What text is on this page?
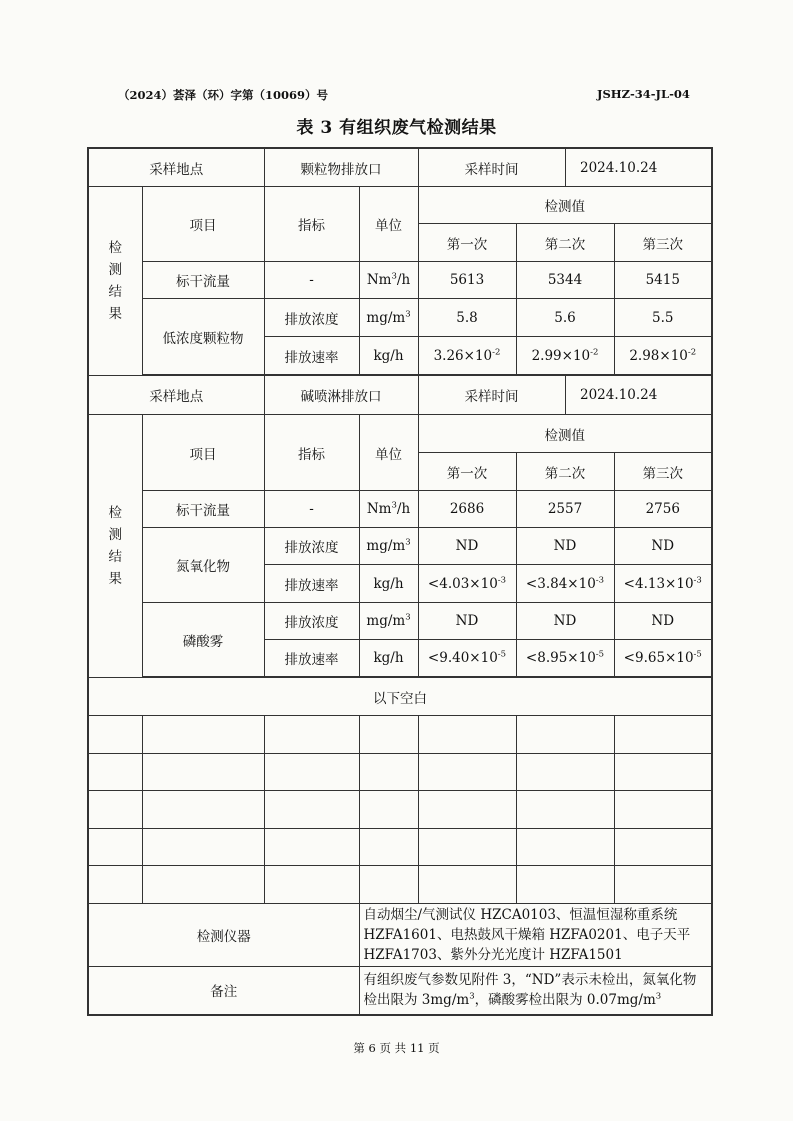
（2024）荟泽（环）字第（10069）号	JSHZ-34-JL-04
表 3 有组织废气检测结果
采样地点		颗粒物排放口		采样时间		2024.10.24
检测结果	项目	指标	单位	检测值		
				第一次	第二次	第三次
	标干流量	-	Nm$^3$/h	5613	5344	5415
	低浓度颗粒物	排放浓度	$mg/m^3$	5.8	5.6	5.5
		排放速率	kg/h	$3.26\times 10^{-2}$	$2.99\times 10^{-2}$	$2.98\times 10^{-2}$

采样地点		碱喷淋排放口		采样时间		2024.10.24
检测结果	项目	指标	单位	检测值		
				第一次	第二次	第三次
	标干流量	-	Nm$^3$/h	2686	2557	2756
	氮氧化物	排放浓度	$mg/m^3$	ND	ND	ND
		排放速率	kg/h	$<4.03\times 10^{-3}$	$<3.84\times 10^{-3}$	$<4.13\times 10^{-3}$
	磷酸雾	排放浓度	$mg/m^3$	ND	ND	ND
		排放速率	kg/h	$<9.40\times 10^{-5}$	$<8.95\times 10^{-5}$	$<9.65\times 10^{-5}$

以下空白						

检测仪器			自动烟尘/气测试仪 HZCA0103、恒温恒湿称重系统 HZFA1601、电热鼓风干燥箱 HZFA0201、电子天平 HZFA1703、紫外分光光度计 HZFA1501			
备注			有组织废气参数见附件 3，“ND”表示未检出，氮氧化物检出限为 $3mg/m^3$，磷酸雾检出限为 $0.07mg/m^3$
第 6 页 共 11 页
